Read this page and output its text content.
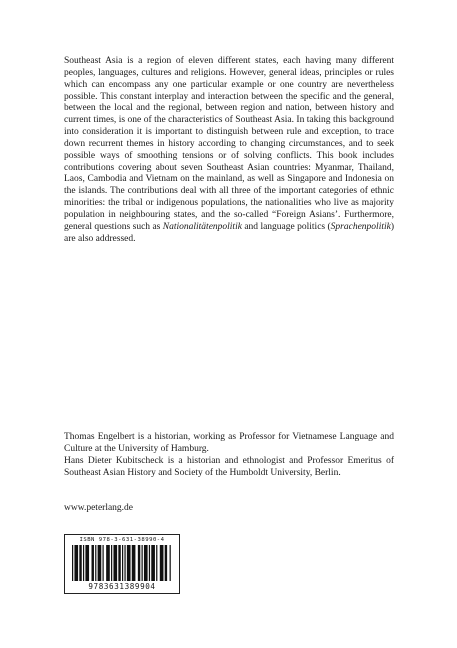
Southeast Asia is a region of eleven different states, each having many different peoples, languages, cultures and religions. However, general ideas, principles or rules which can encompass any one particular example or one country are nevertheless possible. This constant interplay and interaction between the specific and the general, between the local and the regional, between region and nation, between history and current times, is one of the characteristics of Southeast Asia. In taking this background into consideration it is important to distinguish between rule and exception, to trace down recurrent themes in history according to changing circumstances, and to seek possible ways of smoothing tensions or of solving conflicts. This book includes contributions covering about seven Southeast Asian countries: Myanmar, Thailand, Laos, Cambodia and Vietnam on the mainland, as well as Singapore and Indonesia on the islands. The contributions deal with all three of the important categories of ethnic minorities: the tribal or indigenous populations, the nationalities who live as majority population in neighbouring states, and the so-called “Foreign Asians’. Furthermore, general questions such as Nationalitätenpolitik and language politics (Sprachenpolitik) are also addressed.

Thomas Engelbert is a historian, working as Professor for Vietnamese Language and Culture at the University of Hamburg.

Hans Dieter Kubitscheck is a historian and ethnologist and Professor Emeritus of Southeast Asian History and Society of the Humboldt University, Berlin.

www.peterlang.de
ISBN 978-3-631-38990-4
9783631389904
